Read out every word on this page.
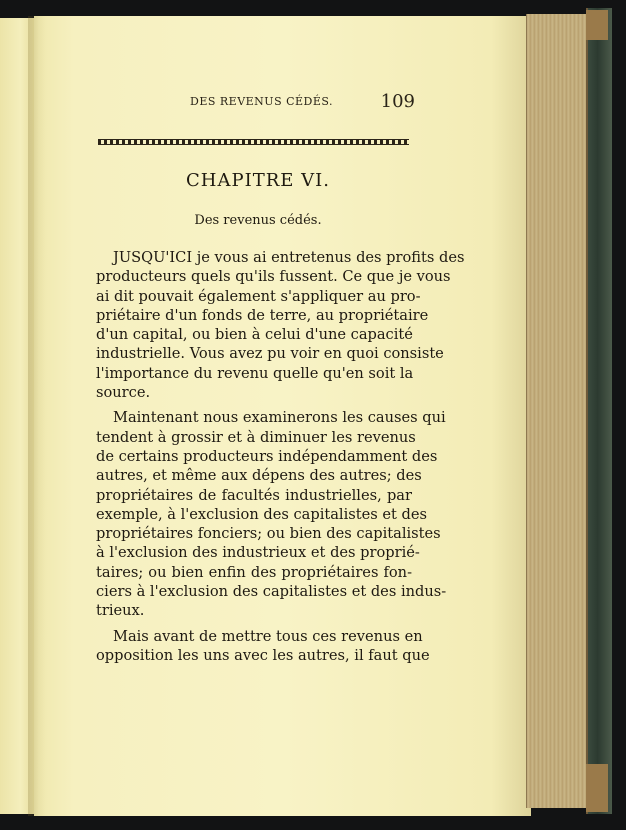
DES REVENUS CÉDÉS.	109
CHAPITRE VI.
Des revenus cédés.
JUSQU'ICI je vous ai entretenus des profits des
producteurs quels qu'ils fussent. Ce que je vous
ai dit pouvait également s'appliquer au pro-
priétaire d'un fonds de terre, au propriétaire
d'un capital, ou bien à celui d'une capacité
industrielle. Vous avez pu voir en quoi consiste
l'importance du revenu quelle qu'en soit la
source.
Maintenant nous examinerons les causes qui
tendent à grossir et à diminuer les revenus
de certains producteurs indépendamment des
autres, et même aux dépens des autres; des
propriétaires de facultés industrielles, par
exemple, à l'exclusion des capitalistes et des
propriétaires fonciers; ou bien des capitalistes
à l'exclusion des industrieux et des proprié-
taires; ou bien enfin des propriétaires fon-
ciers à l'exclusion des capitalistes et des indus-
trieux.
Mais avant de mettre tous ces revenus en
opposition les uns avec les autres, il faut que
